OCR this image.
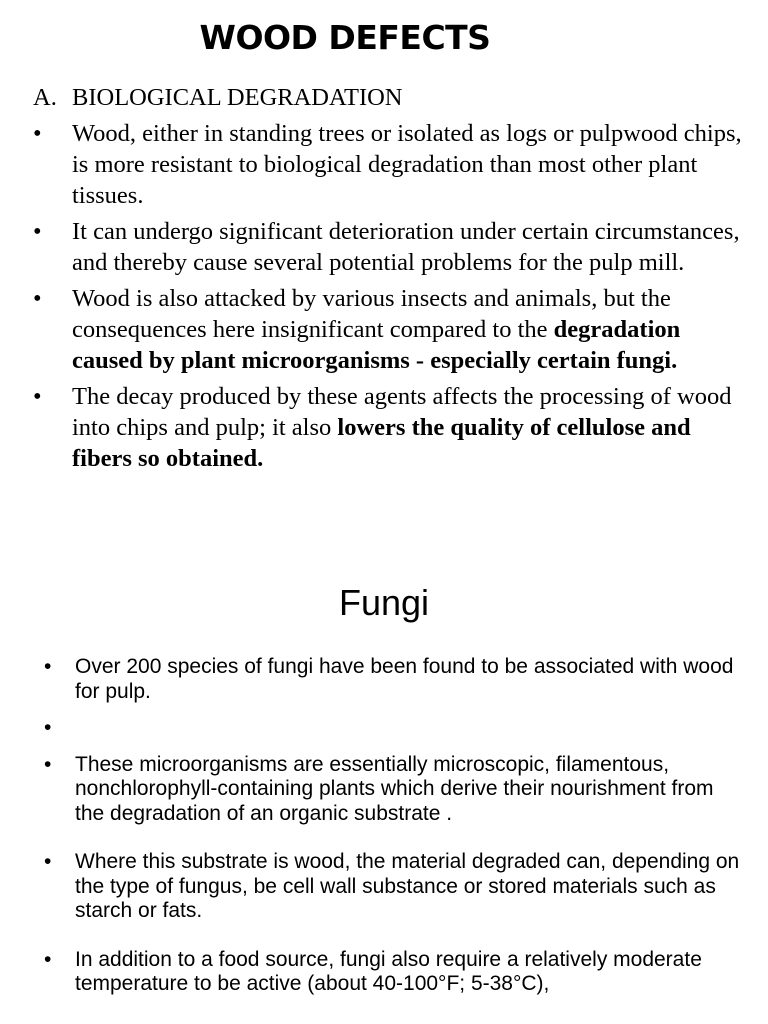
WOOD DEFECTS
A. BIOLOGICAL DEGRADATION
• Wood, either in standing trees or isolated as logs or pulpwood chips, is more resistant to biological degradation than most other plant tissues.
• It can undergo significant deterioration under certain circumstances, and thereby cause several potential problems for the pulp mill.
• Wood is also attacked by various insects and animals, but the consequences here insignificant compared to the degradation caused by plant microorganisms - especially certain fungi.
• The decay produced by these agents affects the processing of wood into chips and pulp; it also lowers the quality of cellulose and fibers so obtained.
Fungi
• Over 200 species of fungi have been found to be associated with wood for pulp.
•
• These microorganisms are essentially microscopic, filamentous, nonchlorophyll-containing plants which derive their nourishment from the degradation of an organic substrate .
• Where this substrate is wood, the material degraded can, depending on the type of fungus, be cell wall substance or stored materials such as starch or fats.
• In addition to a food source, fungi also require a relatively moderate temperature to be active (about 40-100°F; 5-38°C),
